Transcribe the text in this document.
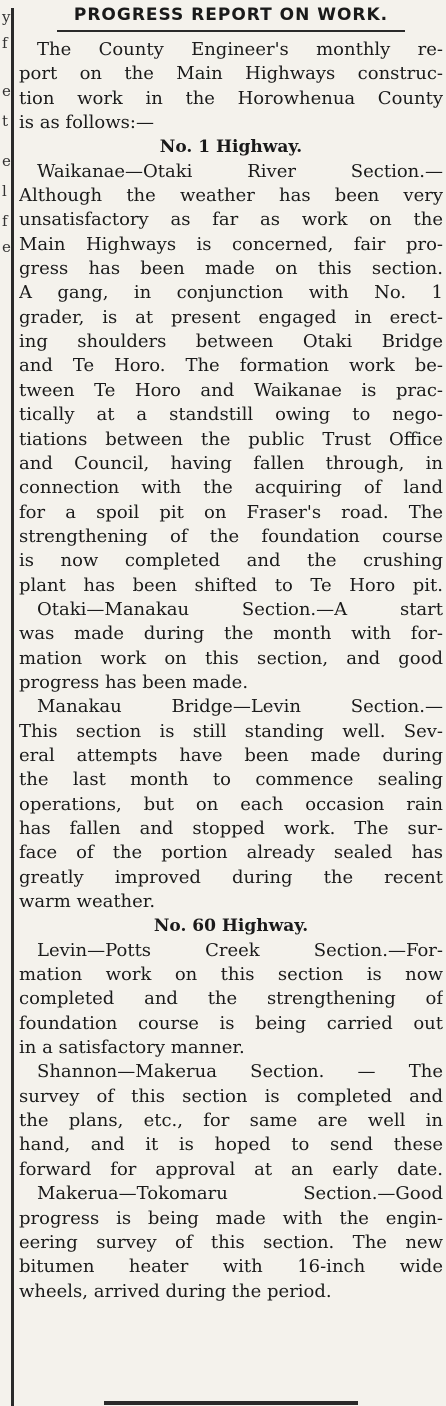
y
f
e
t
e
l
f
e
PROGRESS REPORT ON WORK.
The County Engineer's monthly re-
port on the Main Highways construc-
tion work in the Horowhenua County
is as follows:—
No. 1 Highway.
Waikanae—Otaki River Section.—
Although the weather has been very
unsatisfactory as far as work on the
Main Highways is concerned, fair pro-
gress has been made on this section.
A gang, in conjunction with No. 1
grader, is at present engaged in erect-
ing shoulders between Otaki Bridge
and Te Horo. The formation work be-
tween Te Horo and Waikanae is prac-
tically at a standstill owing to nego-
tiations between the public Trust Office
and Council, having fallen through, in
connection with the acquiring of land
for a spoil pit on Fraser's road. The
strengthening of the foundation course
is now completed and the crushing
plant has been shifted to Te Horo pit.
Otaki—Manakau Section.—A start
was made during the month with for-
mation work on this section, and good
progress has been made.
Manakau Bridge—Levin Section.—
This section is still standing well. Sev-
eral attempts have been made during
the last month to commence sealing
operations, but on each occasion rain
has fallen and stopped work. The sur-
face of the portion already sealed has
greatly improved during the recent
warm weather.
No. 60 Highway.
Levin—Potts Creek Section.—For-
mation work on this section is now
completed and the strengthening of
foundation course is being carried out
in a satisfactory manner.
Shannon—Makerua Section. — The
survey of this section is completed and
the plans, etc., for same are well in
hand, and it is hoped to send these
forward for approval at an early date.
Makerua—Tokomaru Section.—Good
progress is being made with the engin-
eering survey of this section. The new
bitumen heater with 16-inch wide
wheels, arrived during the period.
